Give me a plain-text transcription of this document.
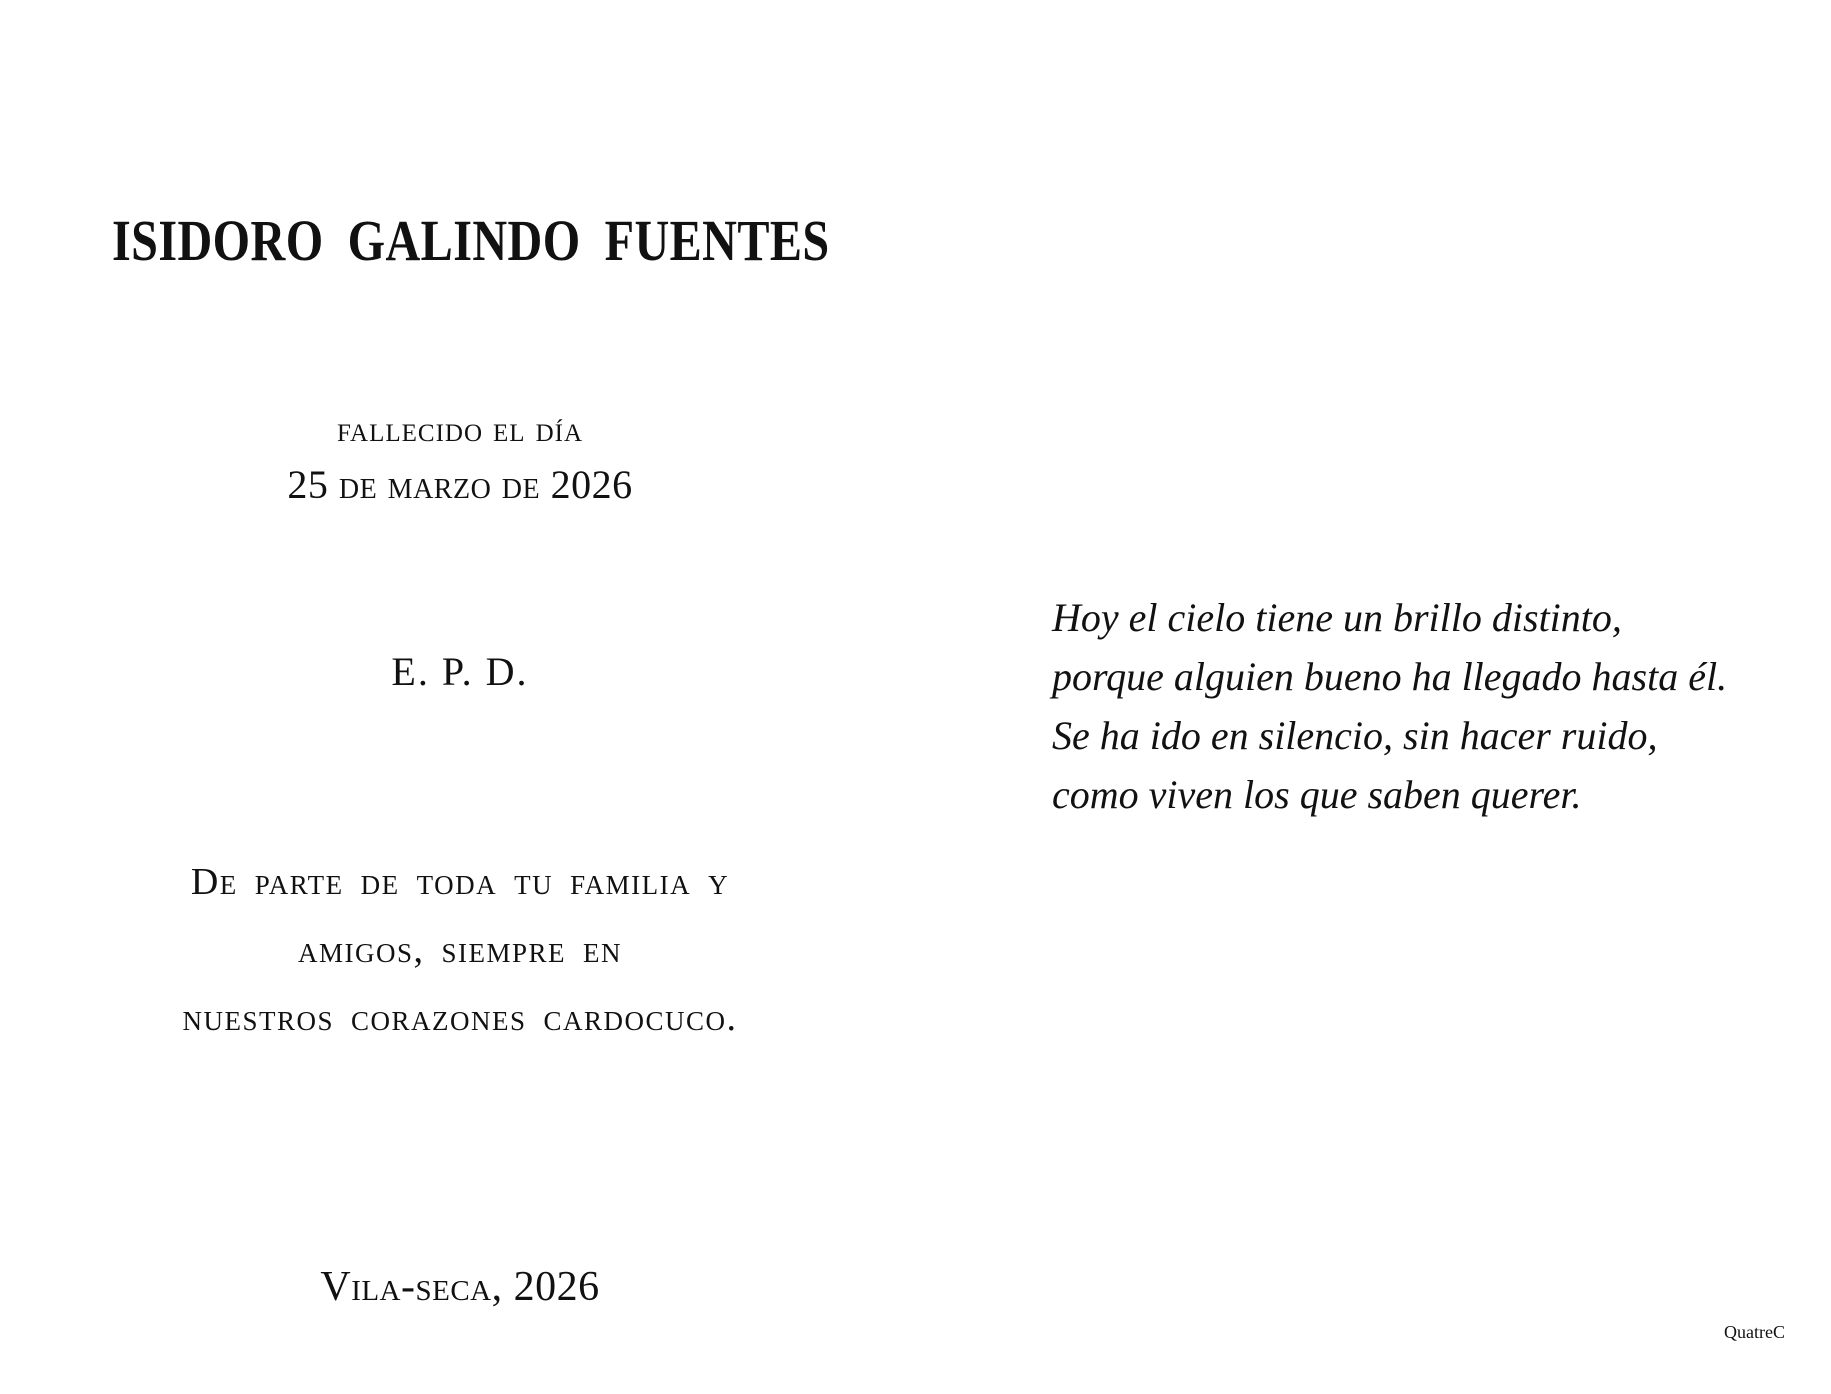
ISIDORO GALINDO FUENTES
fallecido el día
25 de marzo de 2026
E. P. D.
De parte de toda tu familia y
amigos, siempre en
nuestros corazones cardocuco.
Vila-seca, 2026
Hoy el cielo tiene un brillo distinto,
porque alguien bueno ha llegado hasta él.
Se ha ido en silencio, sin hacer ruido,
como viven los que saben querer.
QuatreC
